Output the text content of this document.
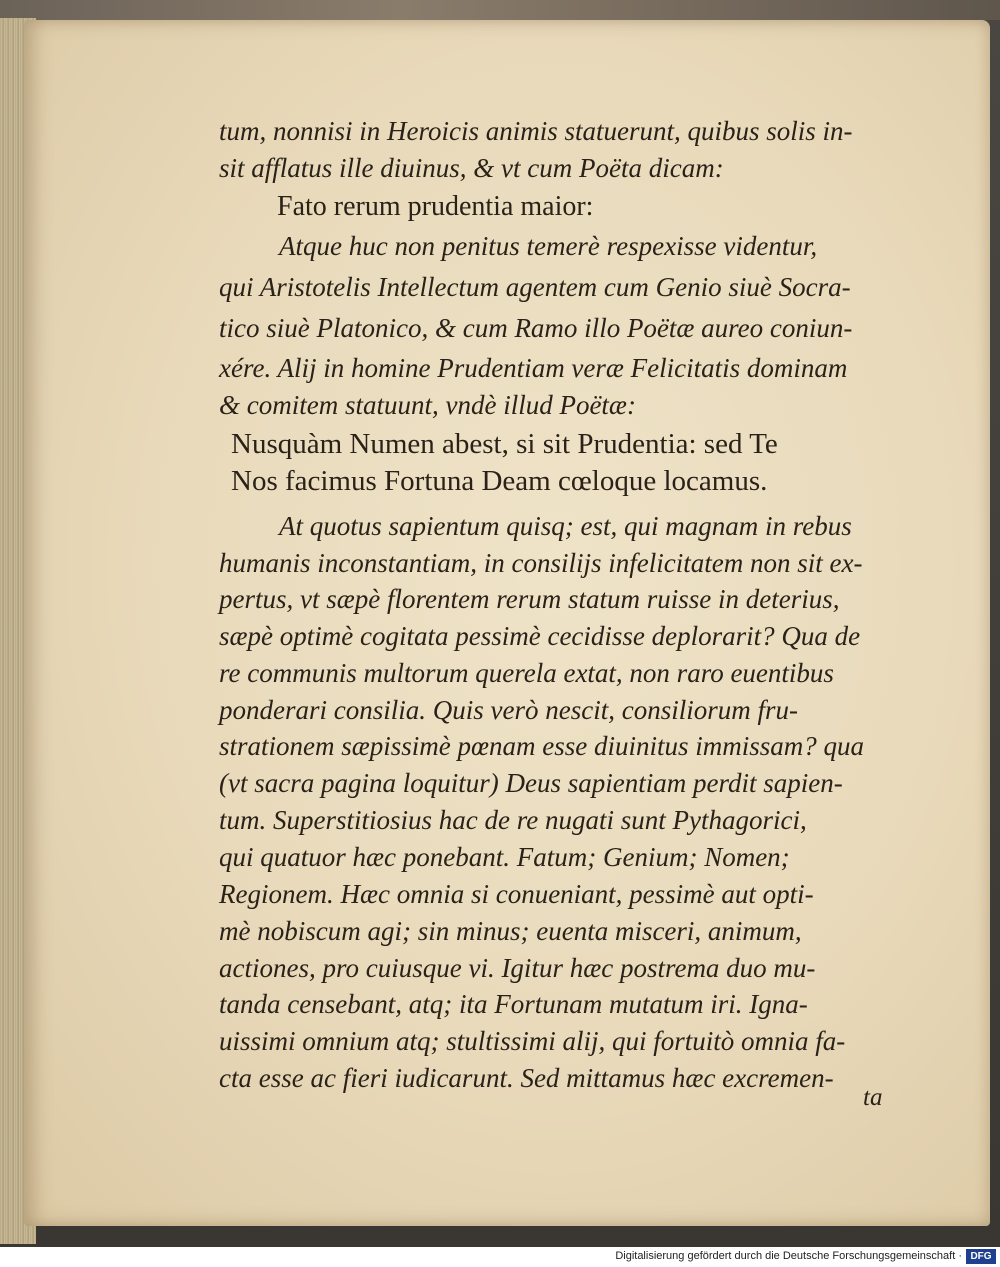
tum, nonnisi in Heroicis animis statuerunt, quibus solis in-
sit afflatus ille diuinus, & vt cum Poëta dicam:
Fato rerum prudentia maior:
Atque huc non penitus temerè respexisse videntur,
qui Aristotelis Intellectum agentem cum Genio siuè Socra-
tico siuè Platonico, & cum Ramo illo Poëtæ aureo coniun-
xére. Alij in homine Prudentiam veræ Felicitatis dominam
& comitem statuunt, vndè illud Poëtæ:
Nusquàm Numen abest, si sit Prudentia: sed Te
Nos facimus Fortuna Deam cœloque locamus.
At quotus sapientum quisq; est, qui magnam in rebus
humanis inconstantiam, in consilijs infelicitatem non sit ex-
pertus, vt sæpè florentem rerum statum ruisse in deterius,
sæpè optimè cogitata pessimè cecidisse deplorarit? Qua de
re communis multorum querela extat, non raro euentibus
ponderari consilia. Quis verò nescit, consiliorum fru-
strationem sæpissimè pœnam esse diuinitus immissam? qua
(vt sacra pagina loquitur) Deus sapientiam perdit sapien-
tum. Superstitiosius hac de re nugati sunt Pythagorici,
qui quatuor hæc ponebant. Fatum; Genium; Nomen;
Regionem. Hæc omnia si conueniant, pessimè aut opti-
mè nobiscum agi; sin minus; euenta misceri, animum,
actiones, pro cuiusque vi. Igitur hæc postrema duo mu-
tanda censebant, atq; ita Fortunam mutatum iri. Igna-
uissimi omnium atq; stultissimi alij, qui fortuitò omnia fa-
cta esse ac fieri iudicarunt. Sed mittamus hæc excremen-
ta
Digitalisierung gefördert durch die Deutsche Forschungsgemeinschaft · DFG
